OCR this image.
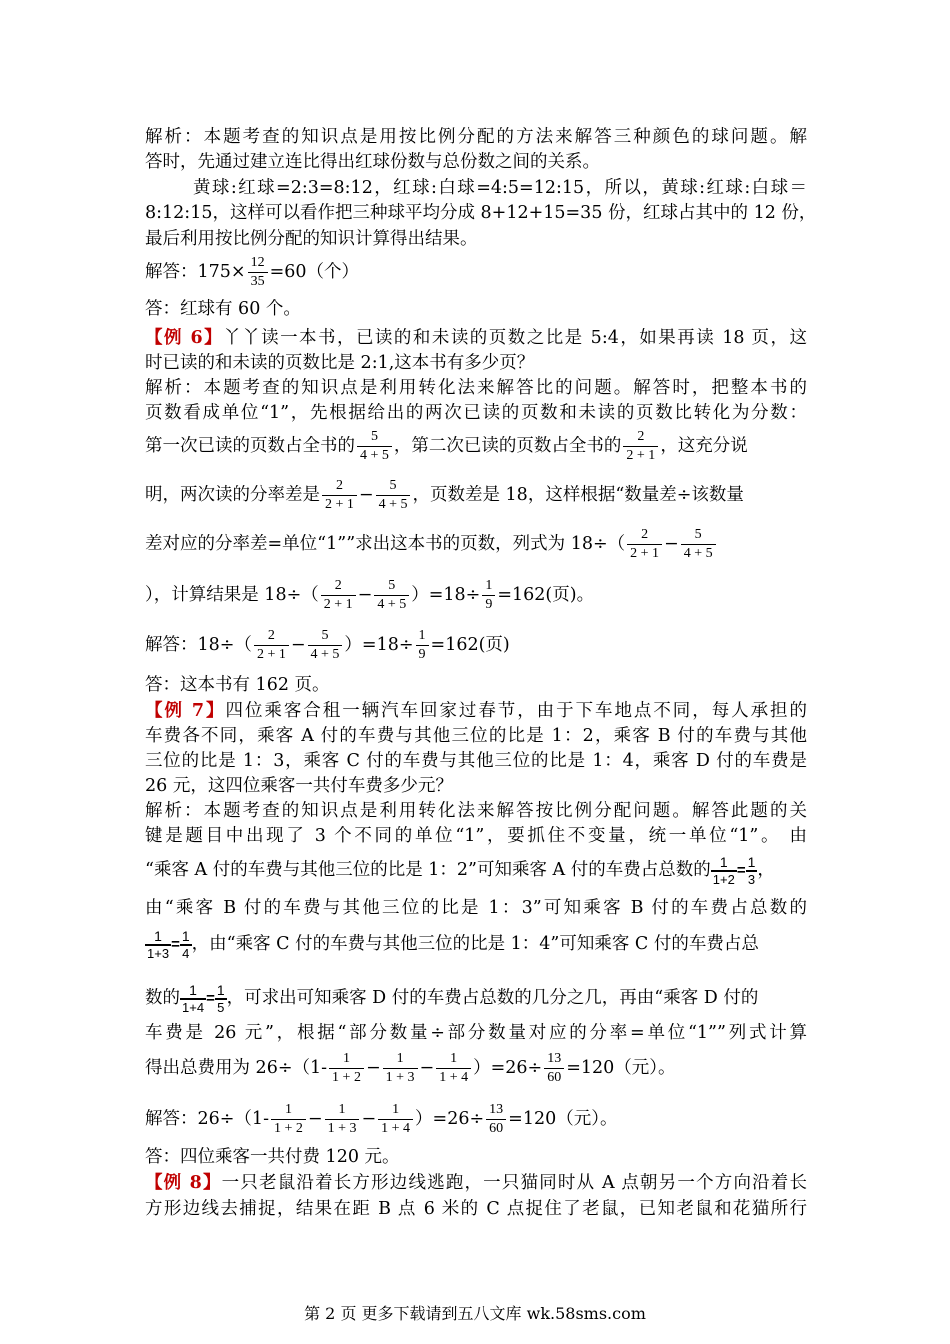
解析：本题考查的知识点是用按比例分配的方法来解答三种颜色的球问题。解
答时，先通过建立连比得出红球份数与总份数之间的关系。
黄球:红球=2:3=8:12，红球:白球=4:5=12:15，所以，黄球:红球:白球＝
8:12:15，这样可以看作把三种球平均分成 8+12+15=35 份，红球占其中的 12 份，
最后利用按比例分配的知识计算得出结果。
解答：$175\times \frac{12}{35} =60$（个）
答：红球有 60 个。
【例 6】丫丫读一本书，已读的和未读的页数之比是 5:4，如果再读 18 页，这
时已读的和未读的页数比是 2:1,这本书有多少页？
解析：本题考查的知识点是利用转化法来解答比的问题。解答时，把整本书的
页数看成单位“1”，先根据给出的两次已读的页数和未读的页数比转化为分数：
第一次已读的页数占全书的 $\frac{5}{4 + 5}$ ，第二次已读的页数占全书的 $\frac{2}{2 + 1}$ ，这充分说
明，两次读的分率差是 $\frac{2}{2 + 1} - \frac{5}{4 + 5}$ ，页数差是 18，这样根据“数量差÷该数量
差对应的分率差=单位“1””求出这本书的页数，列式为 $18\div( \frac{2}{2 + 1} - \frac{5}{4 + 5}$
），计算结果是 $18\div( \frac{2}{2 + 1} - \frac{5}{4 + 5} )=18\div \frac{1}{9} =162$(页)。
解答：$18\div( \frac{2}{2 + 1} - \frac{5}{4 + 5} )=18\div \frac{1}{9} =162$(页)
答：这本书有 162 页。
【例 7】四位乘客合租一辆汽车回家过春节，由于下车地点不同，每人承担的
车费各不同，乘客 A 付的车费与其他三位的比是 1：2，乘客 B 付的车费与其他
三位的比是 1：3，乘客 C 付的车费与其他三位的比是 1：4，乘客 D 付的车费是
26 元，这四位乘客一共付车费多少元？
解析：本题考查的知识点是利用转化法来解答按比例分配问题。解答此题的关
键是题目中出现了 3 个不同的单位“1”，要抓住不变量，统一单位“1”。 由
“乘客 A 付的车费与其他三位的比是 1：2”可知乘客 A 付的车费占总数的 $\frac{1}{1+2} = \frac{1}{3}$ ，
由“乘客 B 付的车费与其他三位的比是 1：3”可知乘客 B 付的车费占总数的
$\frac{1}{1+3} = \frac{1}{4}$ ，由“乘客 C 付的车费与其他三位的比是 1：4”可知乘客 C 付的车费占总
数的 $\frac{1}{1+4} = \frac{1}{5}$ ，可求出可知乘客 D 付的车费占总数的几分之几，再由“乘客 D 付的
车费是 26 元”，根据“部分数量÷部分数量对应的分率=单位“1””列式计算
得出总费用为 $26\div(1- \frac{1}{1 + 2} - \frac{1}{1 + 3} - \frac{1}{1 + 4} )=26\div \frac{13}{60} =120$（元）。
解答：$26\div(1- \frac{1}{1 + 2} - \frac{1}{1 + 3} - \frac{1}{1 + 4} )=26\div \frac{13}{60} =120$（元）。
答：四位乘客一共付费 120 元。
【例 8】一只老鼠沿着长方形边线逃跑，一只猫同时从 A 点朝另一个方向沿着长
方形边线去捕捉，结果在距 B 点 6 米的 C 点捉住了老鼠，已知老鼠和花猫所行
第 2 页 更多下载请到五八文库 wk.58sms.com
